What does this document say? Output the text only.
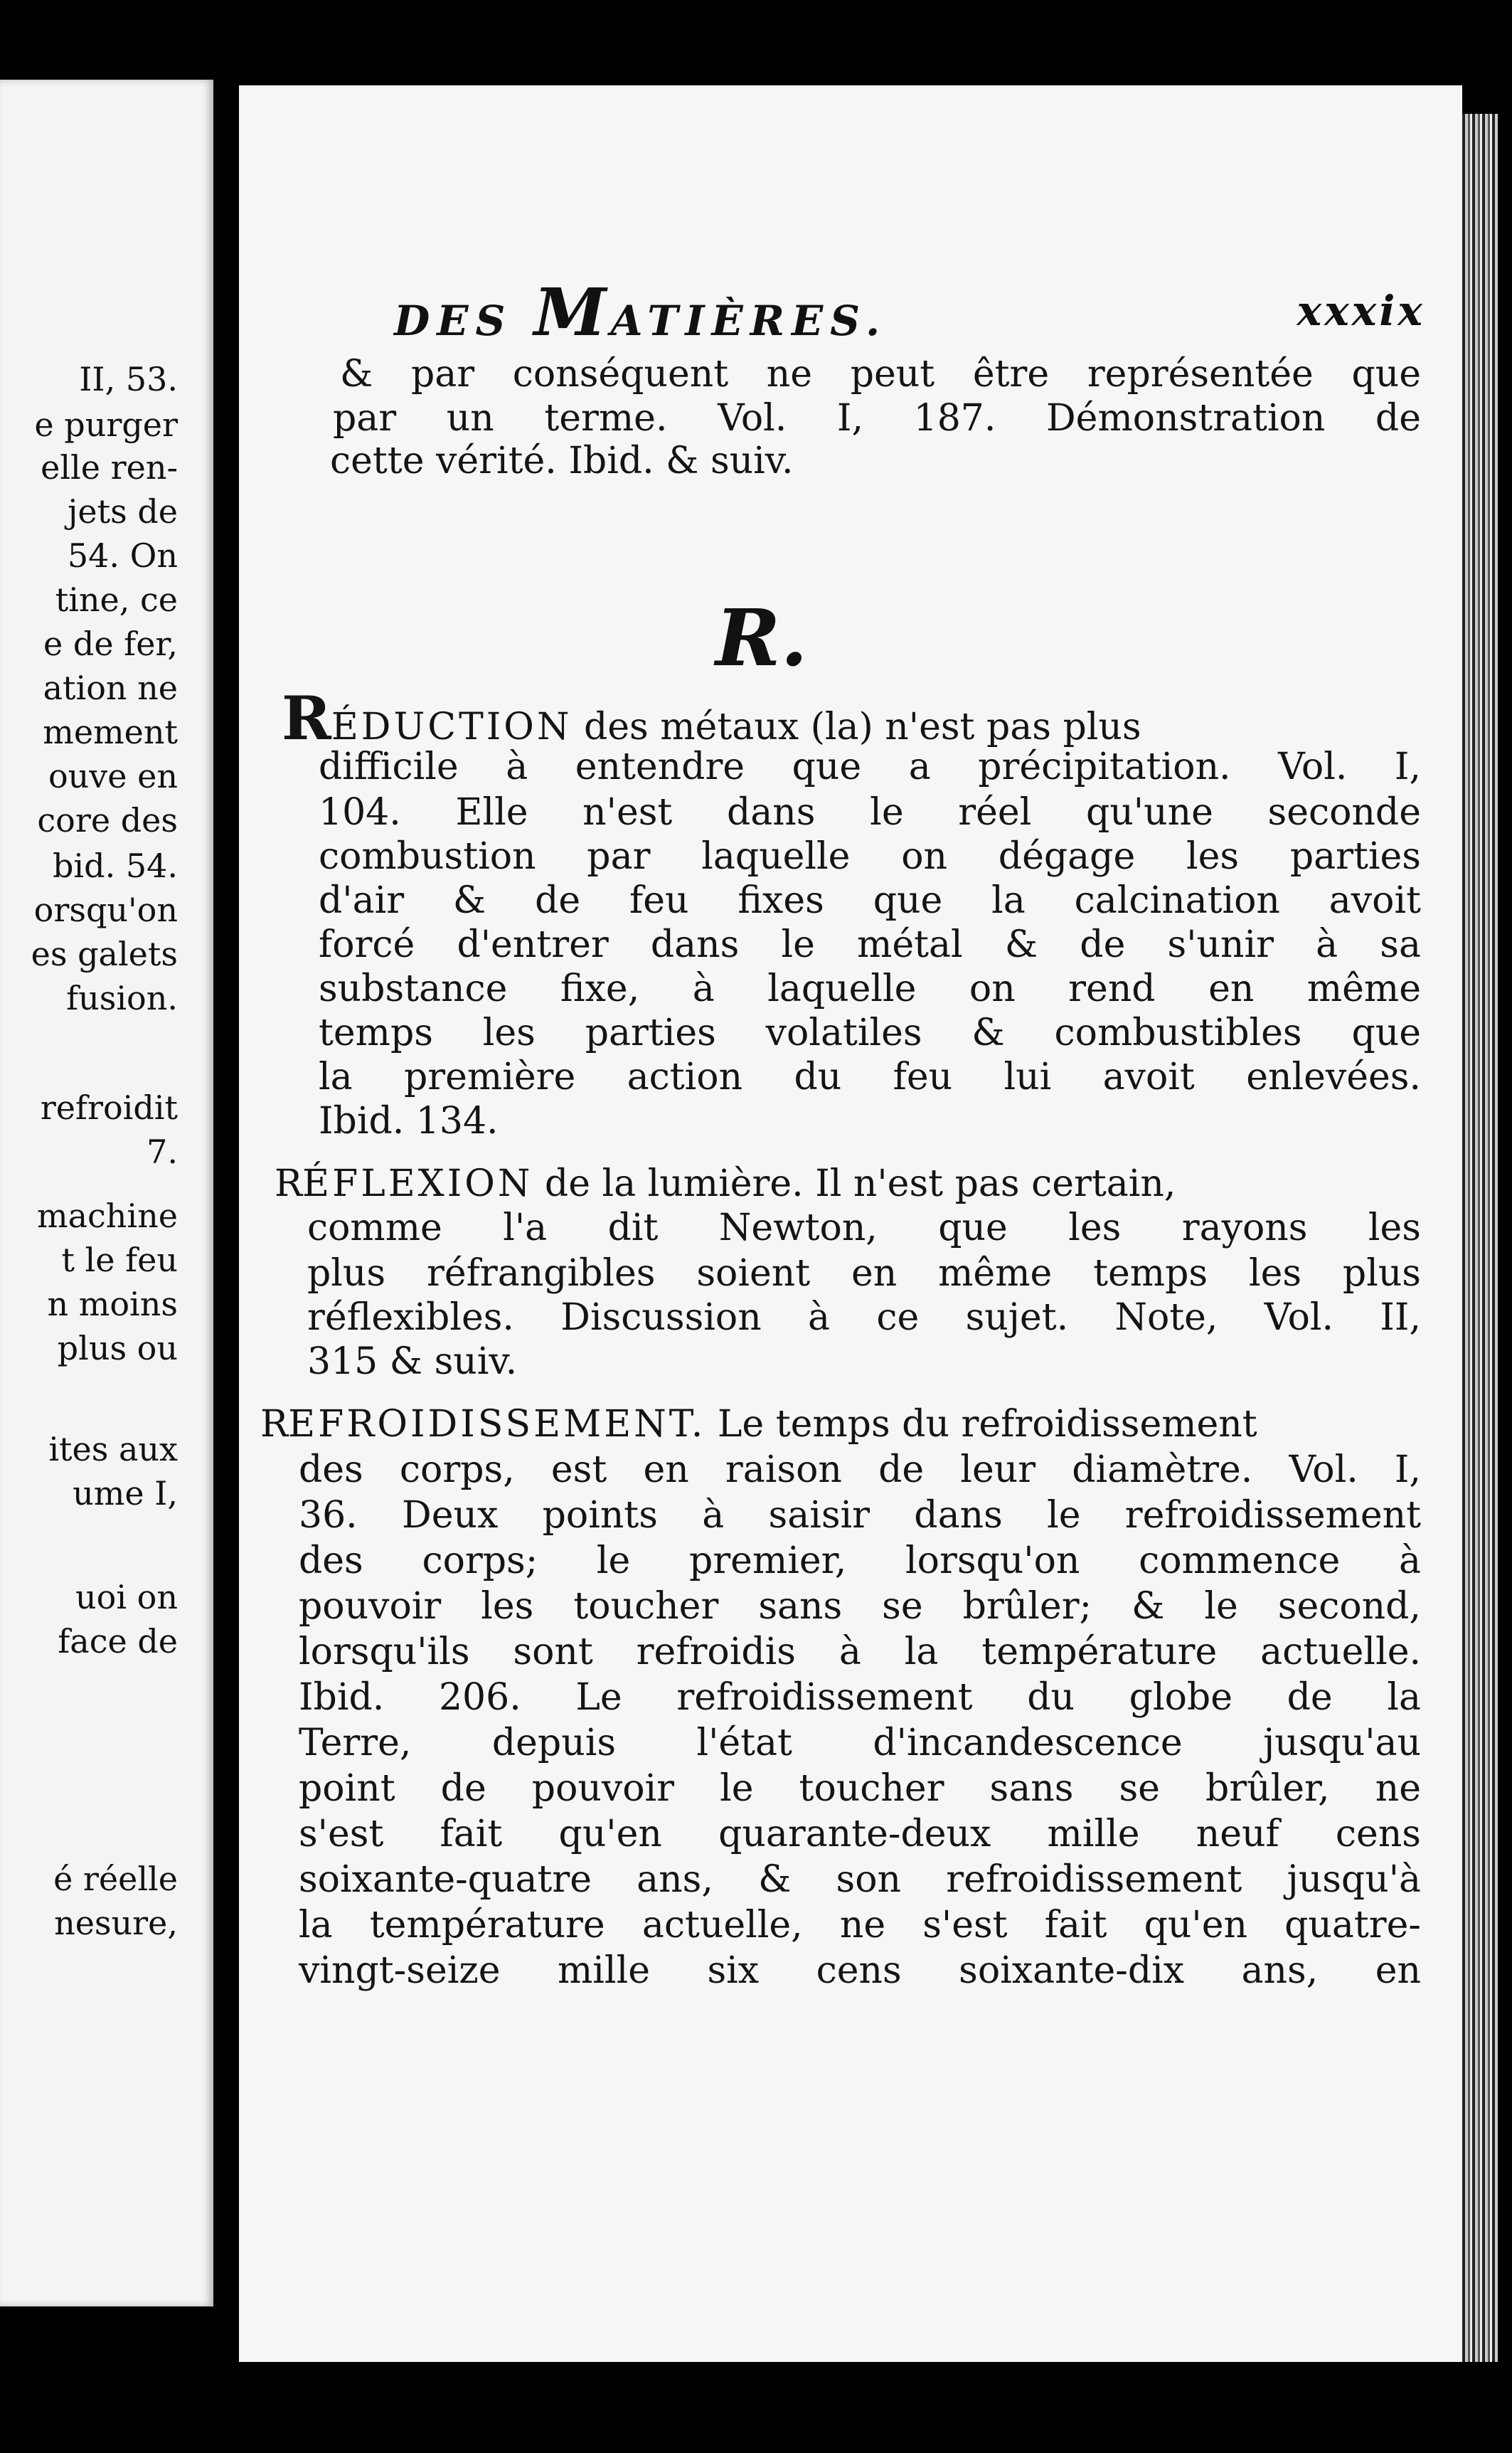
II, 53.
e purger
elle ren-
jets de
54. On
tine, ce
e de fer,
ation ne
mement
ouve en
core des
bid. 54.
orsqu'on
es galets
fusion.
refroidit
7.
machine
t le feu
n moins
plus ou
ites aux
ume I,
uoi on
face de
é réelle
nesure,
DES MATIÈRES.	xxxix
& par conséquent ne peut être représentée que
par un terme. Vol. I, 187. Démonstration de
cette vérité. Ibid. & suiv.
R.
RÉDUCTION des métaux (la) n'est pas plus
difficile à entendre que a précipitation. Vol. I,
104. Elle n'est dans le réel qu'une seconde
combustion par laquelle on dégage les parties
d'air & de feu fixes que la calcination avoit
forcé d'entrer dans le métal & de s'unir à sa
substance fixe, à laquelle on rend en même
temps les parties volatiles & combustibles que
la première action du feu lui avoit enlevées.
Ibid. 134.
RÉFLEXION de la lumière. Il n'est pas certain,
comme l'a dit Newton, que les rayons les
plus réfrangibles soient en même temps les plus
réflexibles. Discussion à ce sujet. Note, Vol. II,
315 & suiv.
REFROIDISSEMENT. Le temps du refroidissement
des corps, est en raison de leur diamètre. Vol. I,
36. Deux points à saisir dans le refroidissement
des corps; le premier, lorsqu'on commence à
pouvoir les toucher sans se brûler; & le second,
lorsqu'ils sont refroidis à la température actuelle.
Ibid. 206. Le refroidissement du globe de la
Terre, depuis l'état d'incandescence jusqu'au
point de pouvoir le toucher sans se brûler, ne
s'est fait qu'en quarante-deux mille neuf cens
soixante-quatre ans, & son refroidissement jusqu'à
la température actuelle, ne s'est fait qu'en quatre-
vingt-seize mille six cens soixante-dix ans, en
